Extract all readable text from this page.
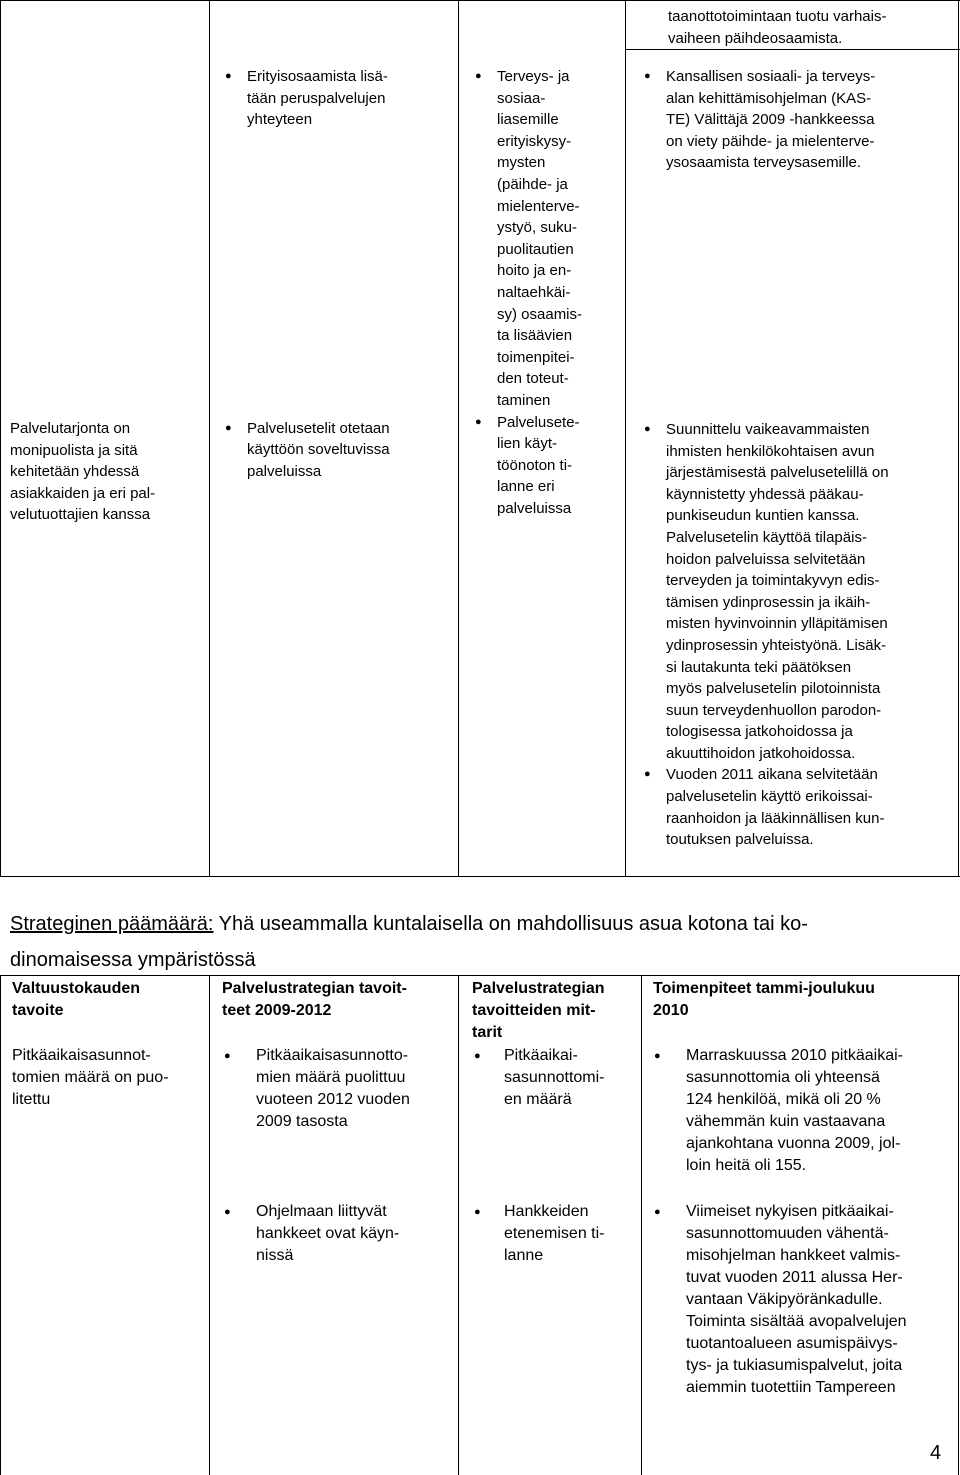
taanottotoimintaan tuotu varhais-
vaiheen päihdeosaamista.
Palvelutarjonta on
monipuolista ja sitä
kehitetään yhdessä
asiakkaiden ja eri pal-
velutuottajien kanssa
● Erityisosaamista lisä-
tään peruspalvelujen
yhteyteen
● Palvelusetelit otetaan
käyttöön soveltuvissa
palveluissa
● Terveys- ja
sosiaa-
liasemille
erityiskysy-
mysten
(päihde- ja
mielenterve-
ystyö, suku-
puolitautien
hoito ja en-
naltaehkäi-
sy) osaamis-
ta lisäävien
toimenpitei-
den toteut-
taminen
● Palvelusete-
lien käyt-
töönoton ti-
lanne eri
palveluissa
● Kansallisen sosiaali- ja terveys-
alan kehittämisohjelman (KAS-
TE) Välittäjä 2009 -hankkeessa
on viety päihde- ja mielenterve-
ysosaamista terveysasemille.
● Suunnittelu vaikeavammaisten
ihmisten henkilökohtaisen avun
järjestämisestä palvelusetelillä on
käynnistetty yhdessä pääkau-
punkiseudun kuntien kanssa.
Palvelusetelin käyttöä tilapäis-
hoidon palveluissa selvitetään
terveyden ja toimintakyvyn edis-
tämisen ydinprosessin ja ikäih-
misten hyvinvoinnin ylläpitämisen
ydinprosessin yhteistyönä. Lisäk-
si lautakunta teki päätöksen
myös palvelusetelin pilotoinnista
suun terveydenhuollon parodon-
tologisessa jatkohoidossa ja
akuuttihoidon jatkohoidossa.
● Vuoden 2011 aikana selvitetään
palvelusetelin käyttö erikoissai-
raanhoidon ja lääkinnällisen kun-
toutuksen palveluissa.
Strateginen päämäärä: Yhä useammalla kuntalaisella on mahdollisuus asua kotona tai ko-
dinomaisessa ympäristössä
Valtuustokauden
tavoite
Palvelustrategian tavoit-
teet 2009-2012
Palvelustrategian
tavoitteiden mit-
tarit
Toimenpiteet tammi-joulukuu
2010
Pitkäaikaisasunnot-
tomien määrä on puo-
litettu
● Pitkäaikaisasunnotto-
mien määrä puolittuu
vuoteen 2012 vuoden
2009 tasosta
● Ohjelmaan liittyvät
hankkeet ovat käyn-
nissä
● Pitkäaikai-
sasunnottomi-
en määrä
● Hankkeiden
etenemisen ti-
lanne
● Marraskuussa 2010 pitkäaikai-
sasunnottomia oli yhteensä
124 henkilöä, mikä oli 20 %
vähemmän kuin vastaavana
ajankohtana vuonna 2009, jol-
loin heitä oli 155.
● Viimeiset nykyisen pitkäaikai-
sasunnottomuuden vähentä-
misohjelman hankkeet valmis-
tuvat vuoden 2011 alussa Her-
vantaan Väkipyöränkadulle.
Toiminta sisältää avopalvelujen
tuotantoalueen asumispäivys-
tys- ja tukiasumispalvelut, joita
aiemmin tuotettiin Tampereen
4
